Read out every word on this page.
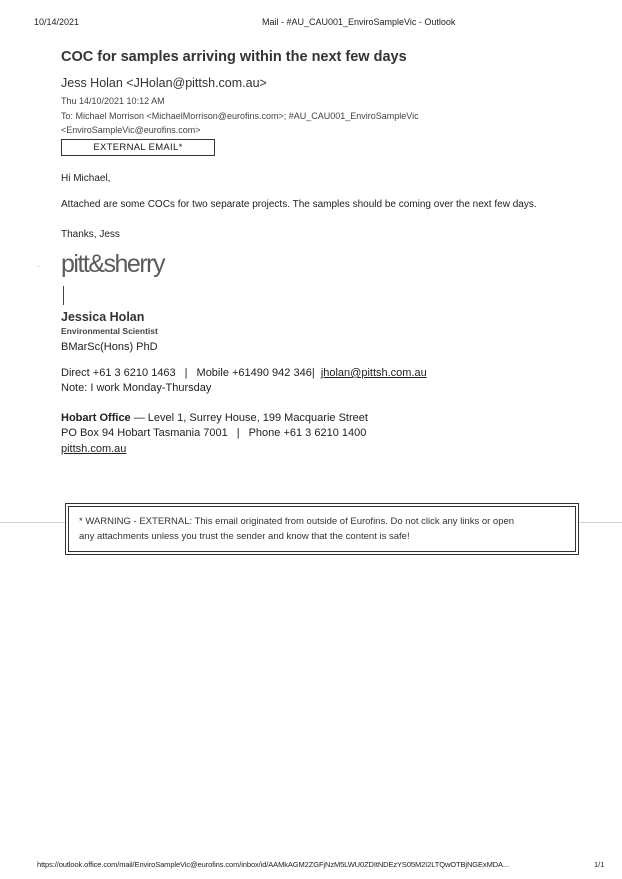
10/14/2021	Mail - #AU_CAU001_EnviroSampleVic - Outlook
COC for samples arriving within the next few days
Jess Holan <JHolan@pittsh.com.au>
Thu 14/10/2021 10:12 AM
To: Michael Morrison <MichaelMorrison@eurofins.com>; #AU_CAU001_EnviroSampleVic
<EnviroSampleVic@eurofins.com>
EXTERNAL EMAIL*
Hi Michael,
Attached are some COCs for two separate projects. The samples should be coming over the next few days.
Thanks, Jess
· pitt&sherry
Jessica Holan
Environmental Scientist
BMarSc(Hons) PhD
Direct +61 3 6210 1463 | Mobile +61490 942 346| jholan@pittsh.com.au
Note: I work Monday-Thursday
Hobart Office — Level 1, Surrey House, 199 Macquarie Street
PO Box 94 Hobart Tasmania 7001 | Phone +61 3 6210 1400
pittsh.com.au
* WARNING - EXTERNAL: This email originated from outside of Eurofins. Do not click any links or open
any attachments unless you trust the sender and know that the content is safe!
https://outlook.office.com/mail/EnviroSampleVic@eurofins.com/inbox/id/AAMkAGM2ZGFjNzM5LWU0ZDItNDEzYS05M2I2LTQwOTBjNGExMDA...	1/1
